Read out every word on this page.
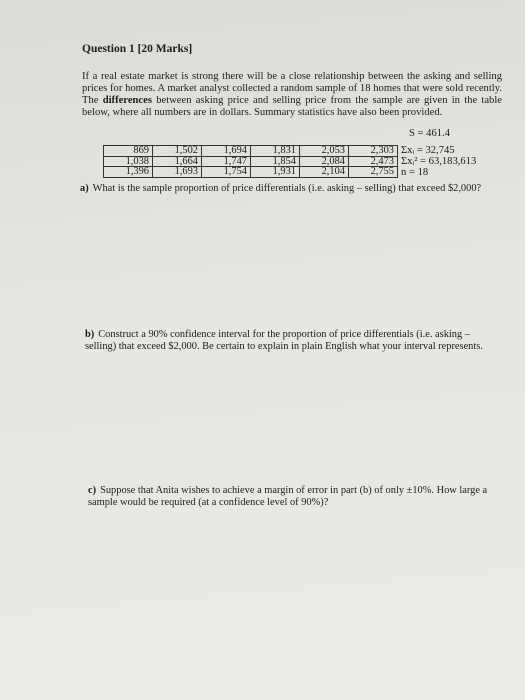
Question 1 [20 Marks]
If a real estate market is strong there will be a close relationship between the asking and selling prices for homes. A market analyst collected a random sample of 18 homes that were sold recently. The differences between asking price and selling price from the sample are given in the table below, where all numbers are in dollars. Summary statistics have also been provided.
S = 461.4
869	1,502	1,694	1,831	2,053	2,303
1,038	1,664	1,747	1,854	2,084	2,473
1,396	1,693	1,754	1,931	2,104	2,755
Σxᵢ = 32,745
Σxᵢ² = 63,183,613
n = 18
a) What is the sample proportion of price differentials (i.e. asking – selling) that exceed $2,000?
b) Construct a 90% confidence interval for the proportion of price differentials (i.e. asking – selling) that exceed $2,000. Be certain to explain in plain English what your interval represents.
c) Suppose that Anita wishes to achieve a margin of error in part (b) of only ±10%. How large a sample would be required (at a confidence level of 90%)?
